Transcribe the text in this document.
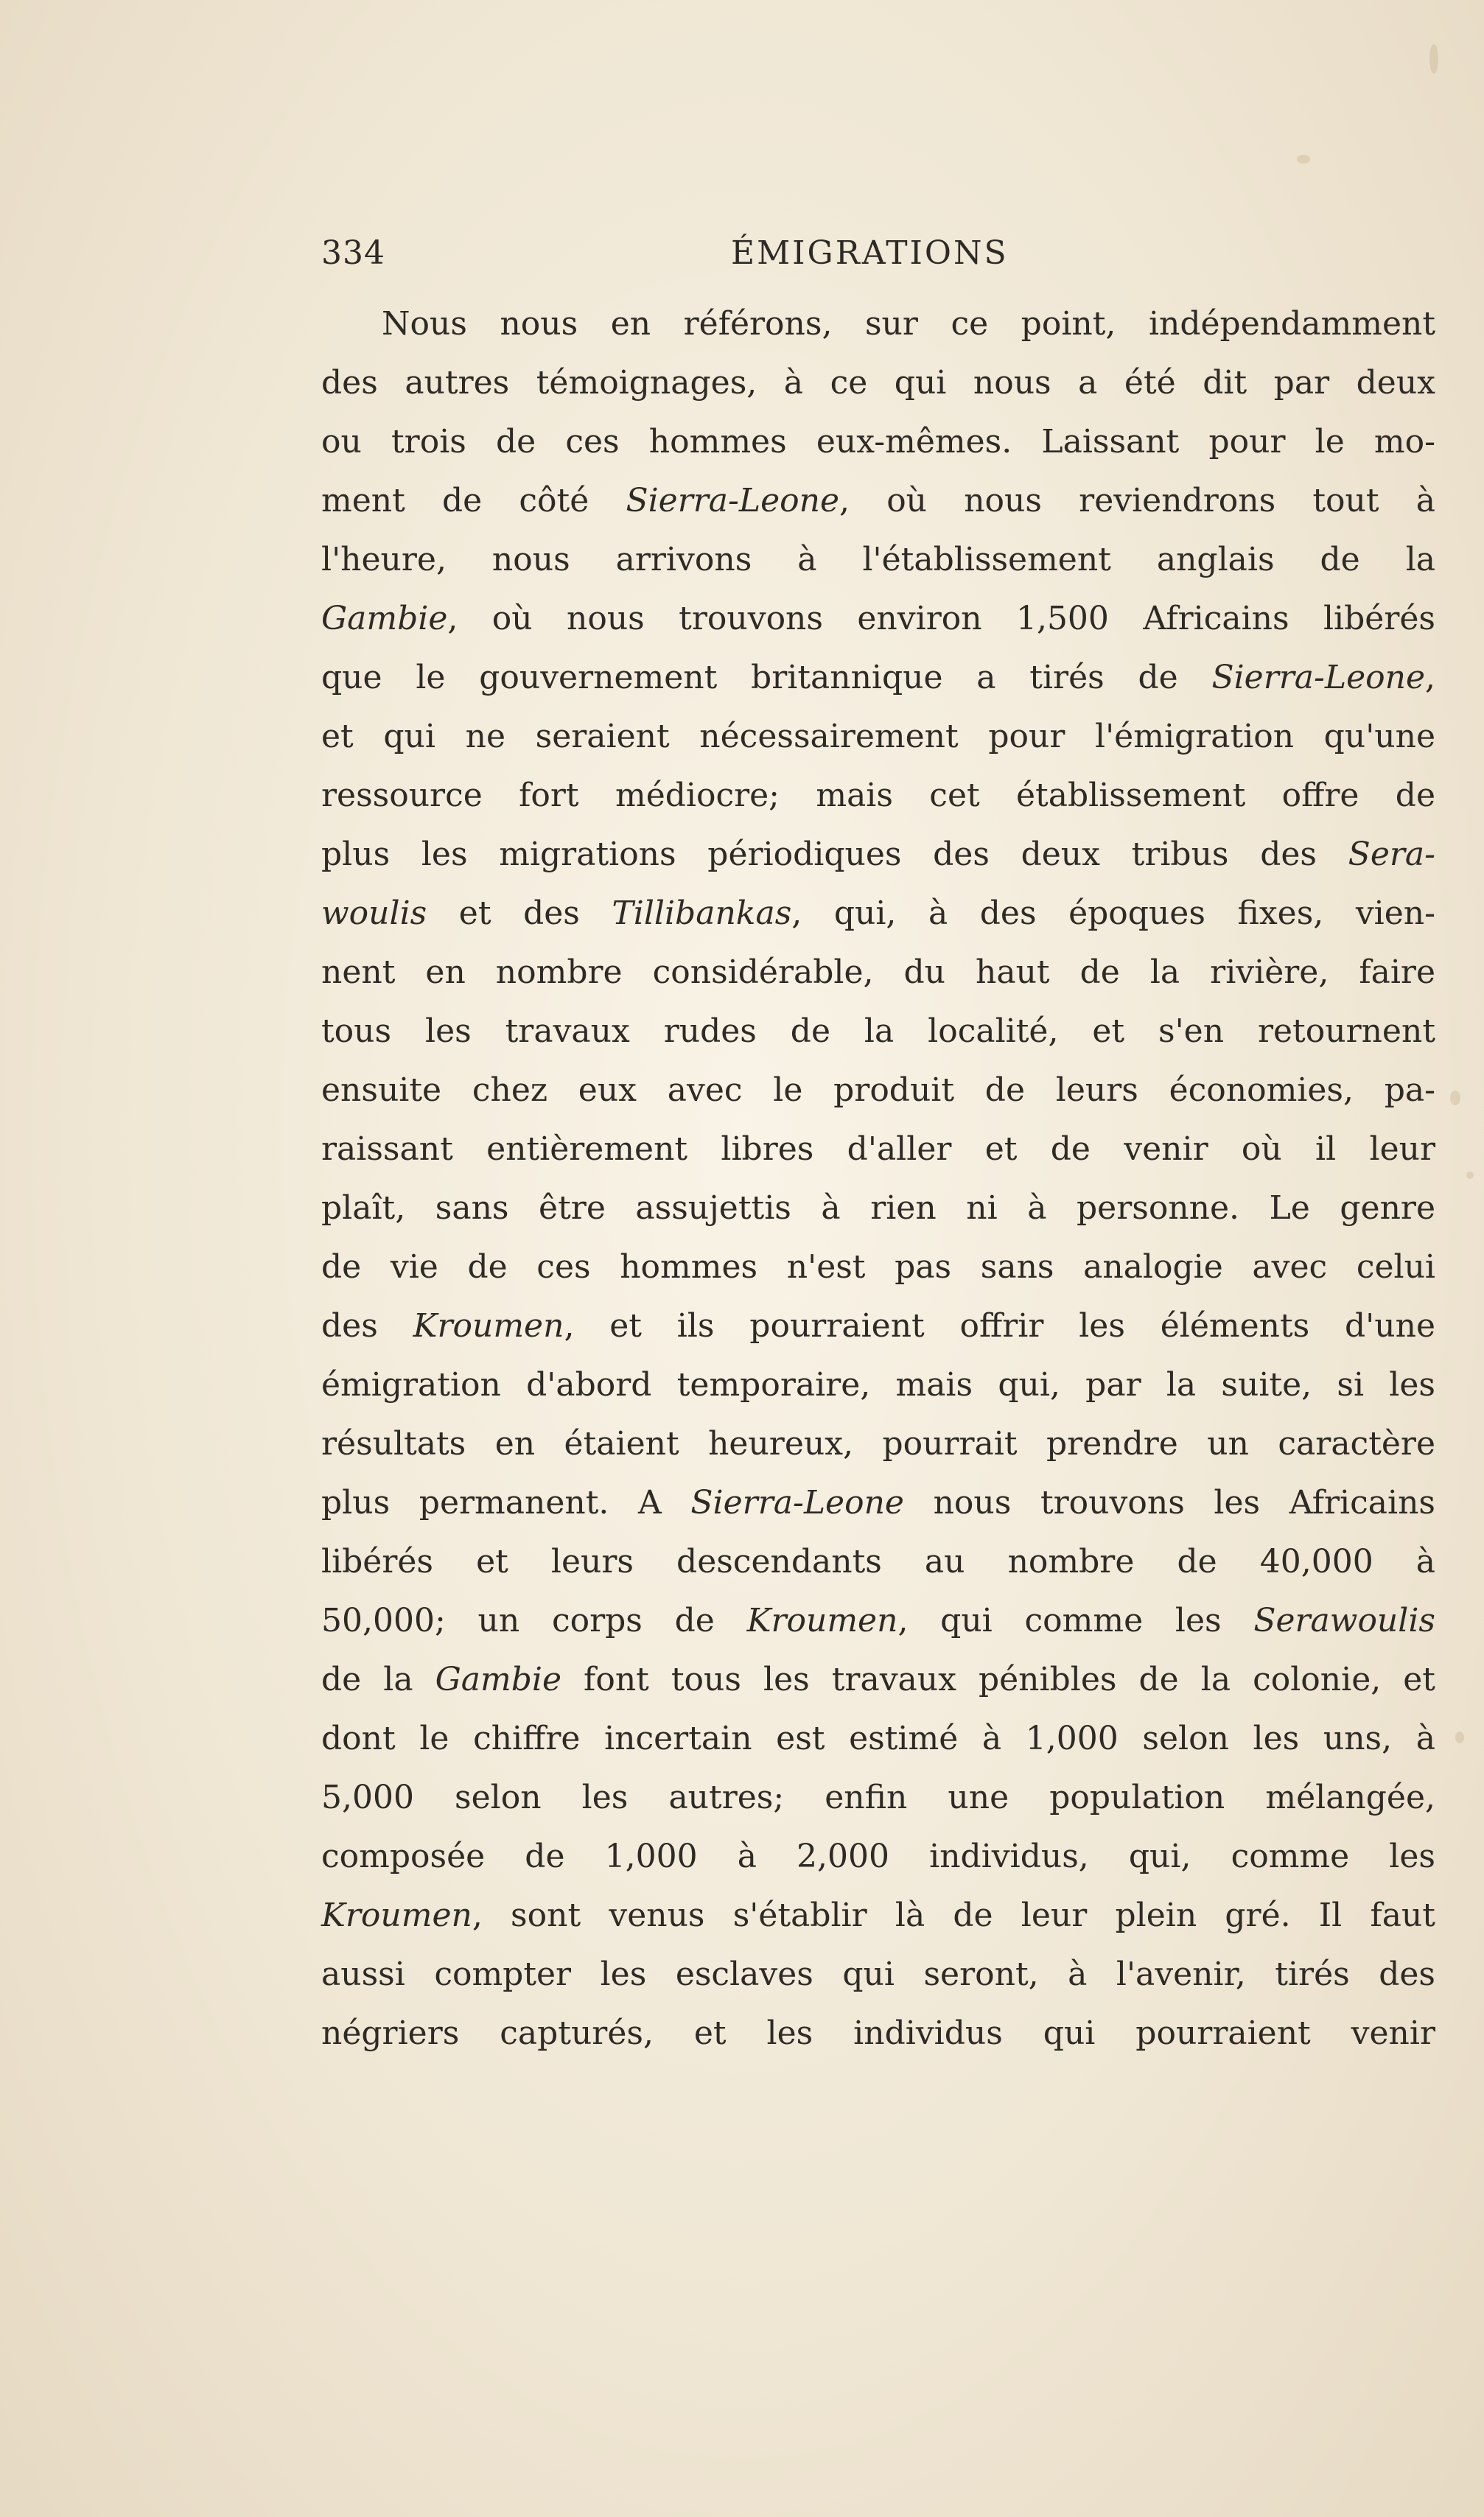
334	ÉMIGRATIONS
Nous nous en référons, sur ce point, indépendamment
des autres témoignages, à ce qui nous a été dit par deux
ou trois de ces hommes eux-mêmes. Laissant pour le mo-
ment de côté Sierra-Leone, où nous reviendrons tout à
l'heure, nous arrivons à l'établissement anglais de la
Gambie, où nous trouvons environ 1,500 Africains libérés
que le gouvernement britannique a tirés de Sierra-Leone,
et qui ne seraient nécessairement pour l'émigration qu'une
ressource fort médiocre; mais cet établissement offre de
plus les migrations périodiques des deux tribus des Sera-
woulis et des Tillibankas, qui, à des époques fixes, vien-
nent en nombre considérable, du haut de la rivière, faire
tous les travaux rudes de la localité, et s'en retournent
ensuite chez eux avec le produit de leurs économies, pa-
raissant entièrement libres d'aller et de venir où il leur
plaît, sans être assujettis à rien ni à personne. Le genre
de vie de ces hommes n'est pas sans analogie avec celui
des Kroumen, et ils pourraient offrir les éléments d'une
émigration d'abord temporaire, mais qui, par la suite, si les
résultats en étaient heureux, pourrait prendre un caractère
plus permanent. A Sierra-Leone nous trouvons les Africains
libérés et leurs descendants au nombre de 40,000 à
50,000; un corps de Kroumen, qui comme les Serawoulis
de la Gambie font tous les travaux pénibles de la colonie, et
dont le chiffre incertain est estimé à 1,000 selon les uns, à
5,000 selon les autres; enfin une population mélangée,
composée de 1,000 à 2,000 individus, qui, comme les
Kroumen, sont venus s'établir là de leur plein gré. Il faut
aussi compter les esclaves qui seront, à l'avenir, tirés des
négriers capturés, et les individus qui pourraient venir
